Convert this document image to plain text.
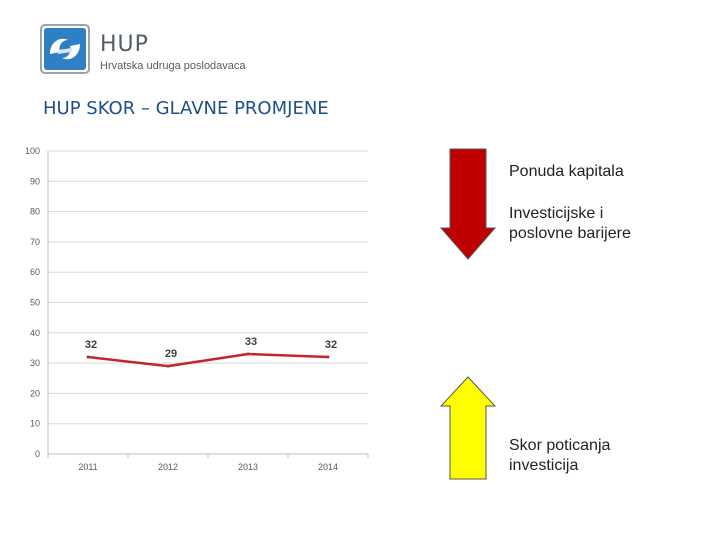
HUP
Hrvatska udruga poslodavaca
HUP SKOR – GLAVNE PROMJENE
0
10
20
30
40
50
60
70
80
90
100
2011	2012	2013	2014
32
29
33	32
Ponuda kapitala
Investicijske i poslovne barijere
Skor poticanja investicija
